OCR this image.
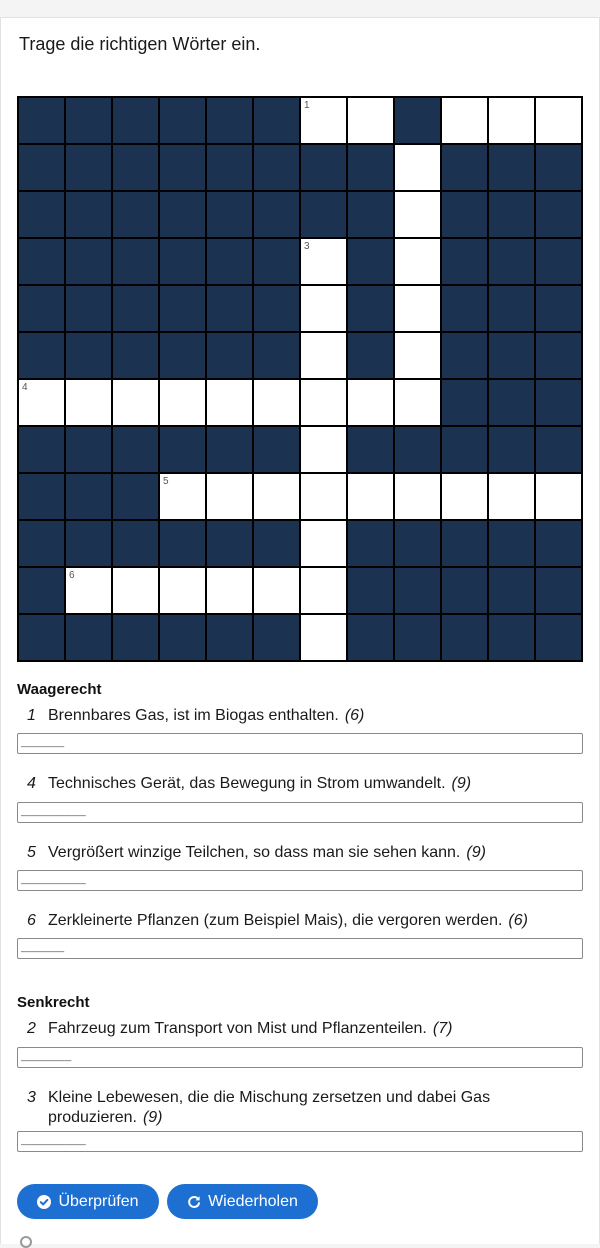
Trage die richtigen Wörter ein.
1
3
4
5
6
Waagerecht
1 Brennbares Gas, ist im Biogas enthalten. (6)
______
4 Technisches Gerät, das Bewegung in Strom umwandelt. (9)
_________
5 Vergrößert winzige Teilchen, so dass man sie sehen kann. (9)
_________
6 Zerkleinerte Pflanzen (zum Beispiel Mais), die vergoren werden. (6)
______
Senkrecht
2 Fahrzeug zum Transport von Mist und Pflanzenteilen. (7)
_______
3 Kleine Lebewesen, die die Mischung zersetzen und dabei Gas produzieren. (9)
_________
Überprüfen	Wiederholen
